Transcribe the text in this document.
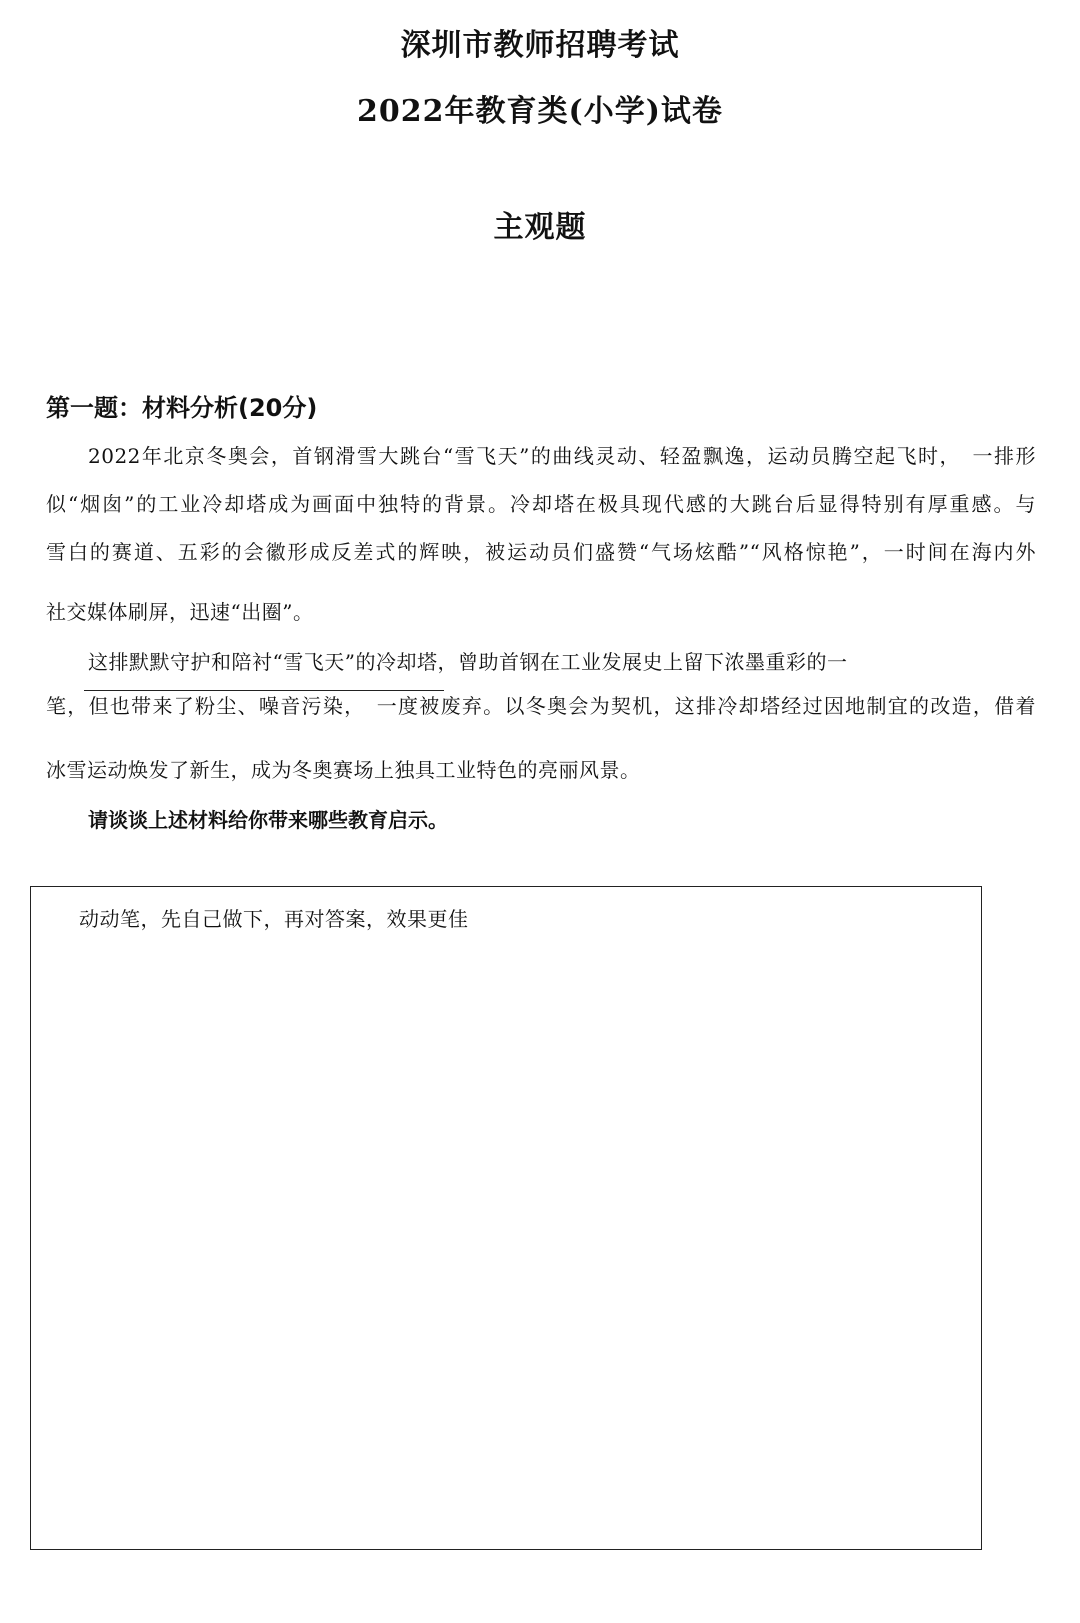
深圳市教师招聘考试
2022年教育类(小学)试卷
主观题
第一题：材料分析(20分)
2022年北京冬奥会，首钢滑雪大跳台“雪飞天”的曲线灵动、轻盈飘逸，运动员腾空起飞时，　一排形
似“烟囱”的工业冷却塔成为画面中独特的背景。冷却塔在极具现代感的大跳台后显得特别有厚重感。与
雪白的赛道、五彩的会徽形成反差式的辉映，被运动员们盛赞“气场炫酷”“风格惊艳”，一时间在海内外
社交媒体刷屏，迅速“出圈”。
这排默默守护和陪衬“雪飞天”的冷却塔，曾助首钢在工业发展史上留下浓墨重彩的一
笔，但也带来了粉尘、噪音污染，　一度被废弃。以冬奥会为契机，这排冷却塔经过因地制宜的改造，借着
冰雪运动焕发了新生，成为冬奥赛场上独具工业特色的亮丽风景。
请谈谈上述材料给你带来哪些教育启示。
动动笔，先自己做下，再对答案，效果更佳
